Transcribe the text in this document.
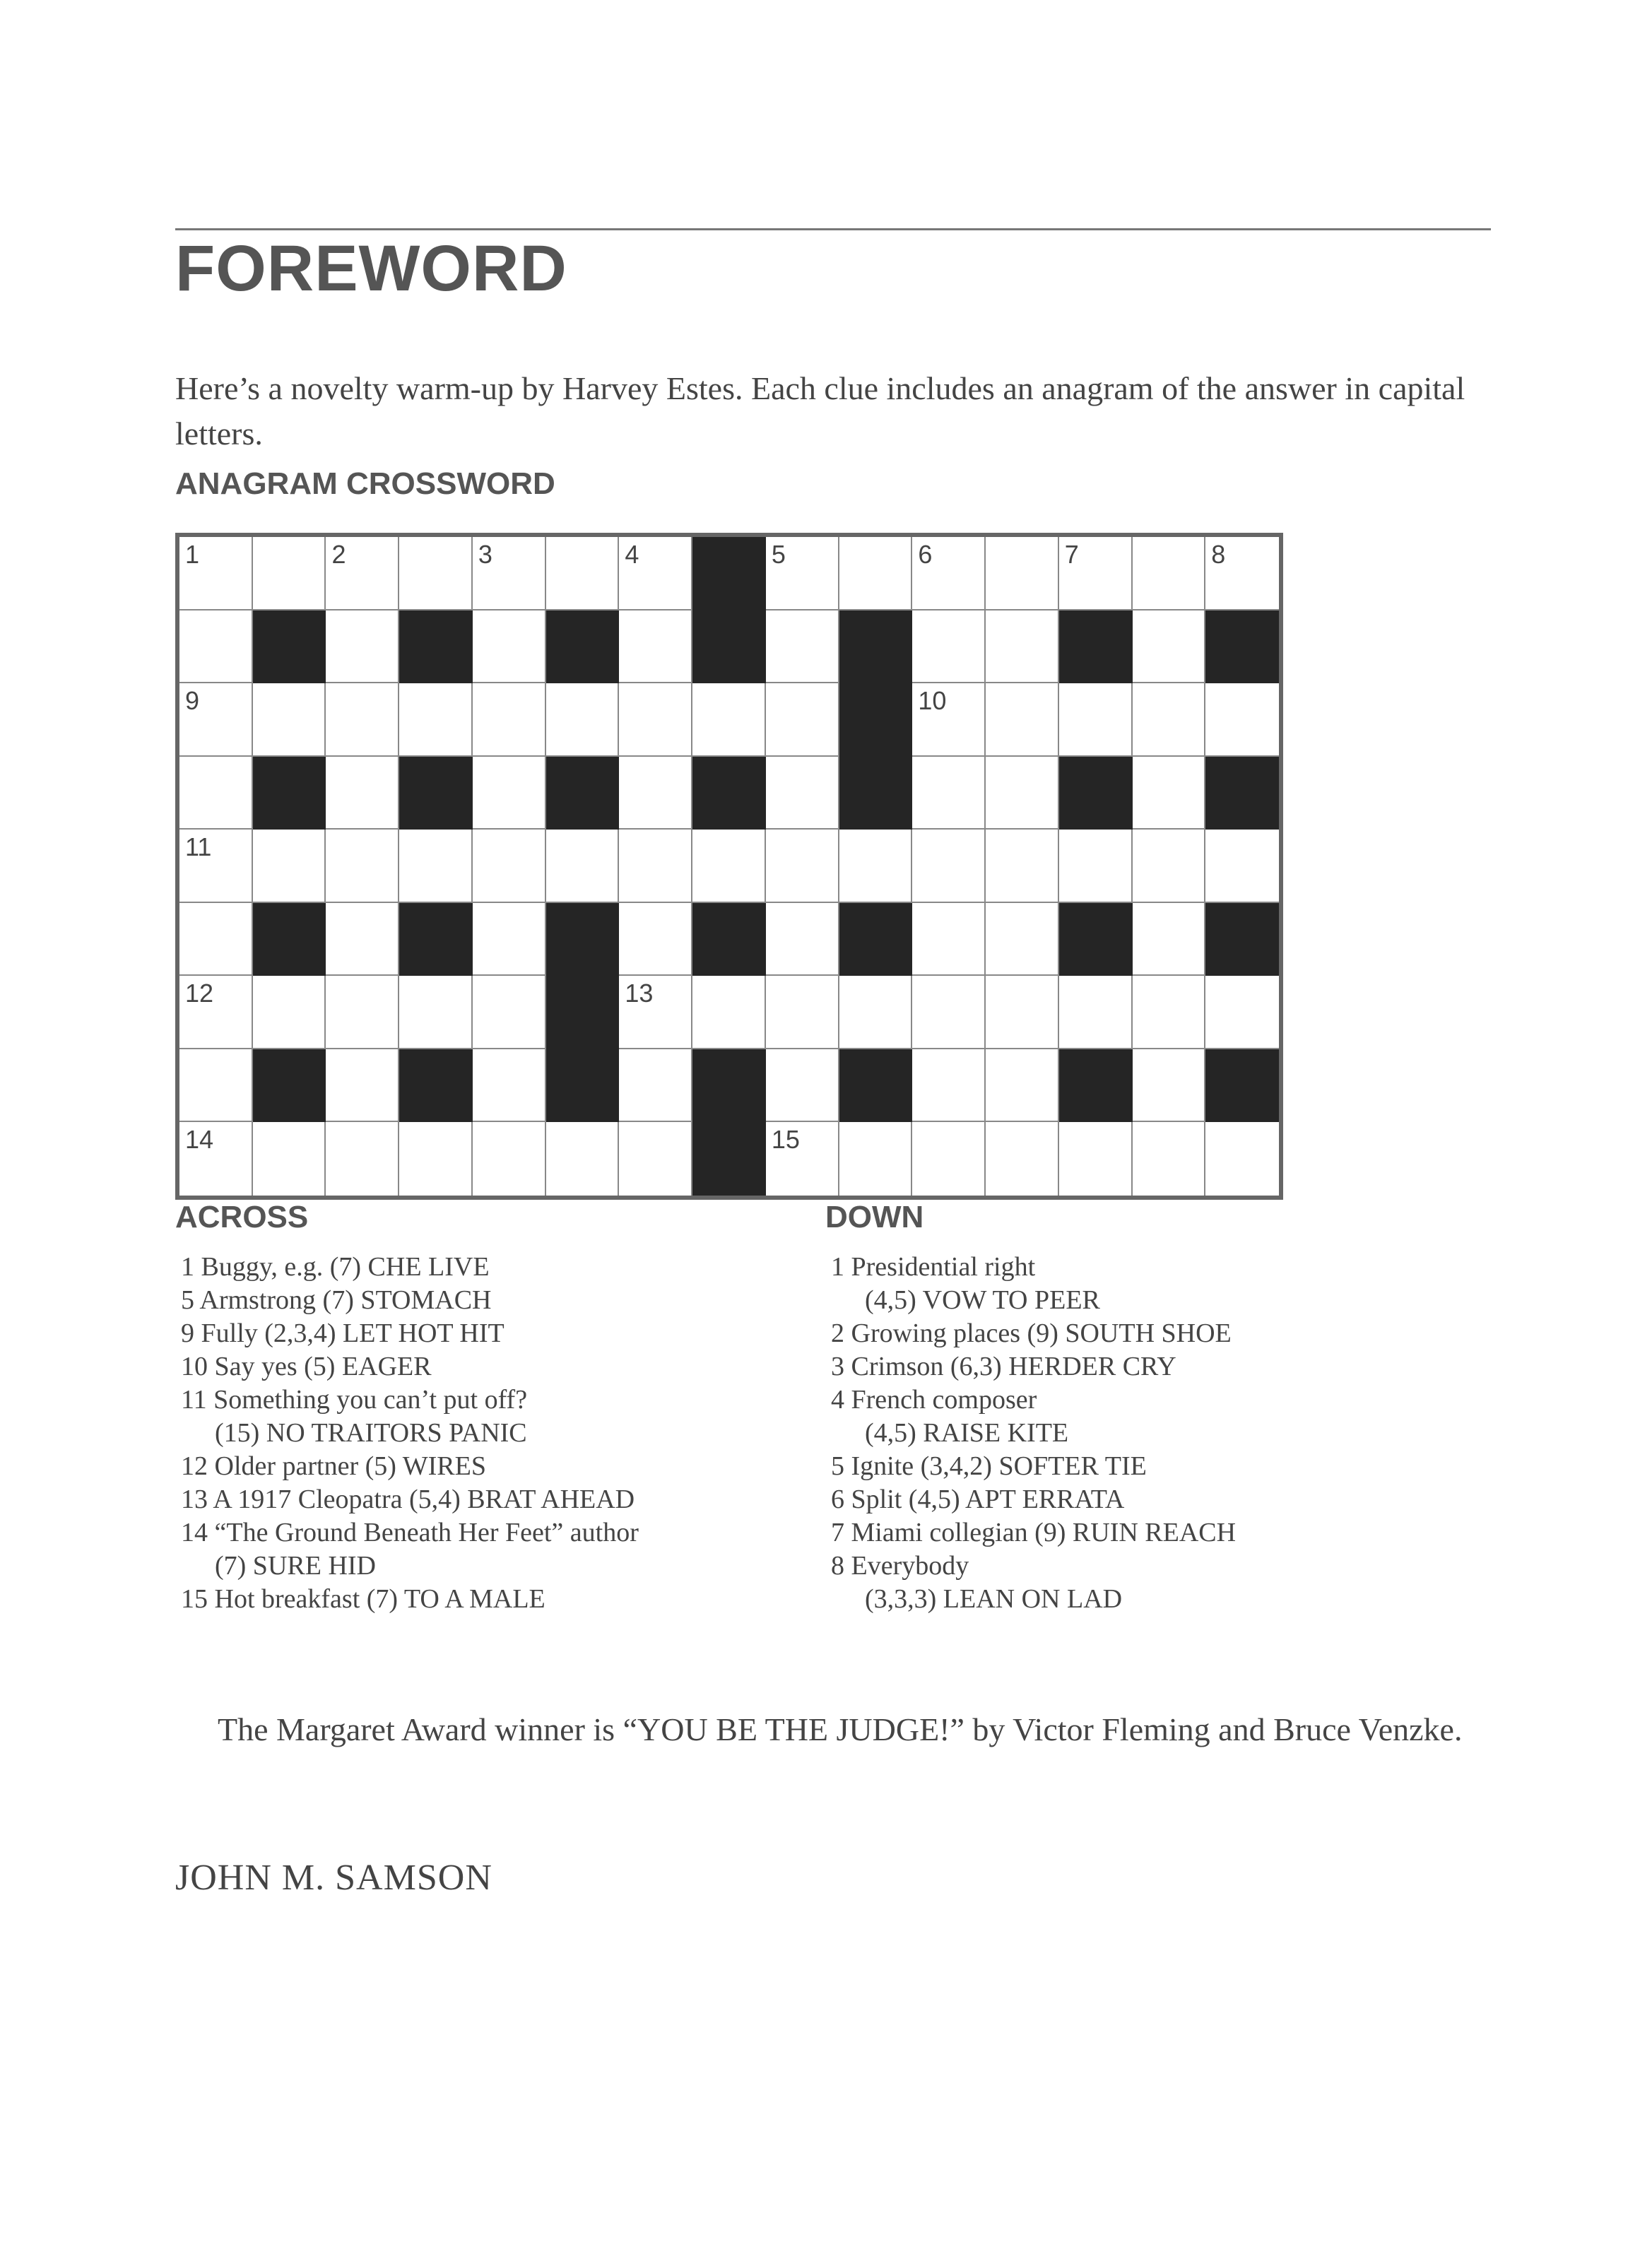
FOREWORD
Here’s a novelty warm-up by Harvey Estes. Each clue includes an anagram of the answer in capital letters.
ANAGRAM CROSSWORD
1	2	3	4	5	6	7	8
9	10
11
12	13
14	15
ACROSS
1 Buggy, e.g. (7) CHE LIVE
5 Armstrong (7) STOMACH
9 Fully (2,3,4) LET HOT HIT
10 Say yes (5) EAGER
11 Something you can’t put off?
(15) NO TRAITORS PANIC
12 Older partner (5) WIRES
13 A 1917 Cleopatra (5,4) BRAT AHEAD
14 “The Ground Beneath Her Feet” author
(7) SURE HID
15 Hot breakfast (7) TO A MALE
DOWN
1 Presidential right
(4,5) VOW TO PEER
2 Growing places (9) SOUTH SHOE
3 Crimson (6,3) HERDER CRY
4 French composer
(4,5) RAISE KITE
5 Ignite (3,4,2) SOFTER TIE
6 Split (4,5) APT ERRATA
7 Miami collegian (9) RUIN REACH
8 Everybody
(3,3,3) LEAN ON LAD
The Margaret Award winner is “YOU BE THE JUDGE!” by Victor Fleming and Bruce Venzke.
JOHN M. SAMSON
